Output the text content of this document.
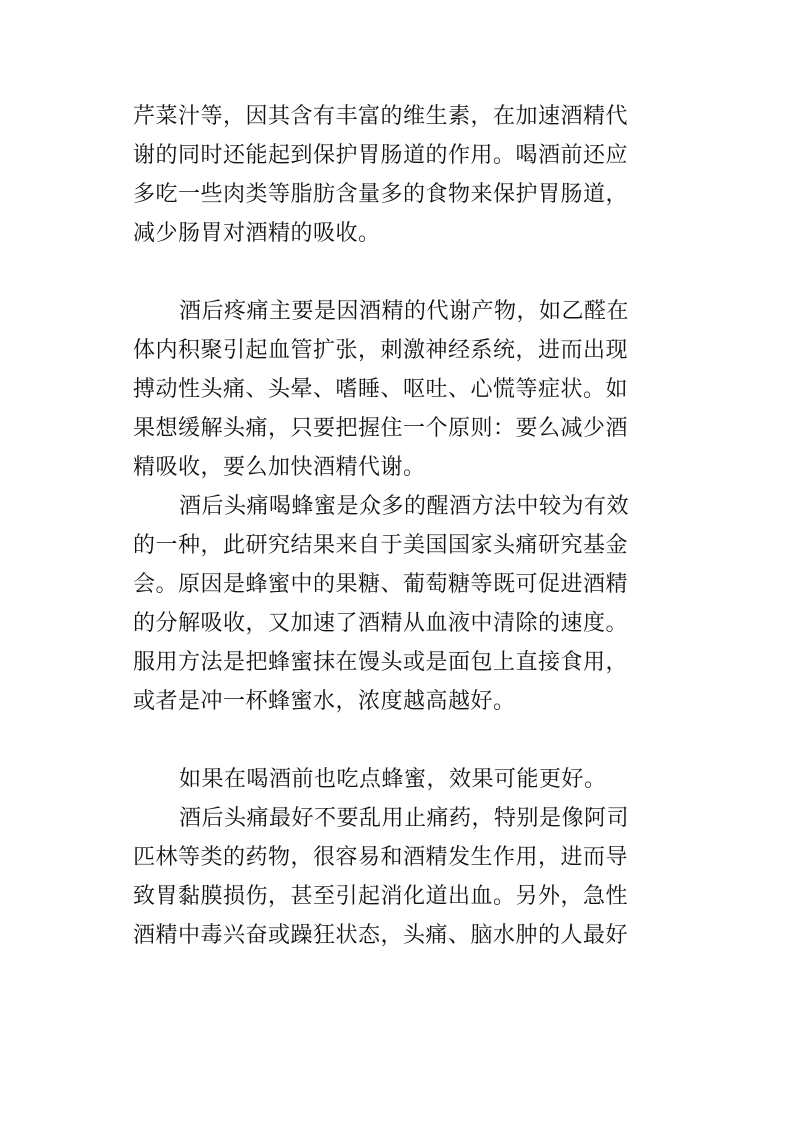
芹菜汁等，因其含有丰富的维生素，在加速酒精代
谢的同时还能起到保护胃肠道的作用。喝酒前还应
多吃一些肉类等脂肪含量多的食物来保护胃肠道，
减少肠胃对酒精的吸收。
酒后疼痛主要是因酒精的代谢产物，如乙醛在
体内积聚引起血管扩张，刺激神经系统，进而出现
搏动性头痛、头晕、嗜睡、呕吐、心慌等症状。如
果想缓解头痛，只要把握住一个原则：要么减少酒
精吸收，要么加快酒精代谢。
酒后头痛喝蜂蜜是众多的醒酒方法中较为有效
的一种，此研究结果来自于美国国家头痛研究基金
会。原因是蜂蜜中的果糖、葡萄糖等既可促进酒精
的分解吸收，又加速了酒精从血液中清除的速度。
服用方法是把蜂蜜抹在馒头或是面包上直接食用，
或者是冲一杯蜂蜜水，浓度越高越好。
如果在喝酒前也吃点蜂蜜，效果可能更好。
酒后头痛最好不要乱用止痛药，特别是像阿司
匹林等类的药物，很容易和酒精发生作用，进而导
致胃黏膜损伤，甚至引起消化道出血。另外，急性
酒精中毒兴奋或躁狂状态，头痛、脑水肿的人最好
